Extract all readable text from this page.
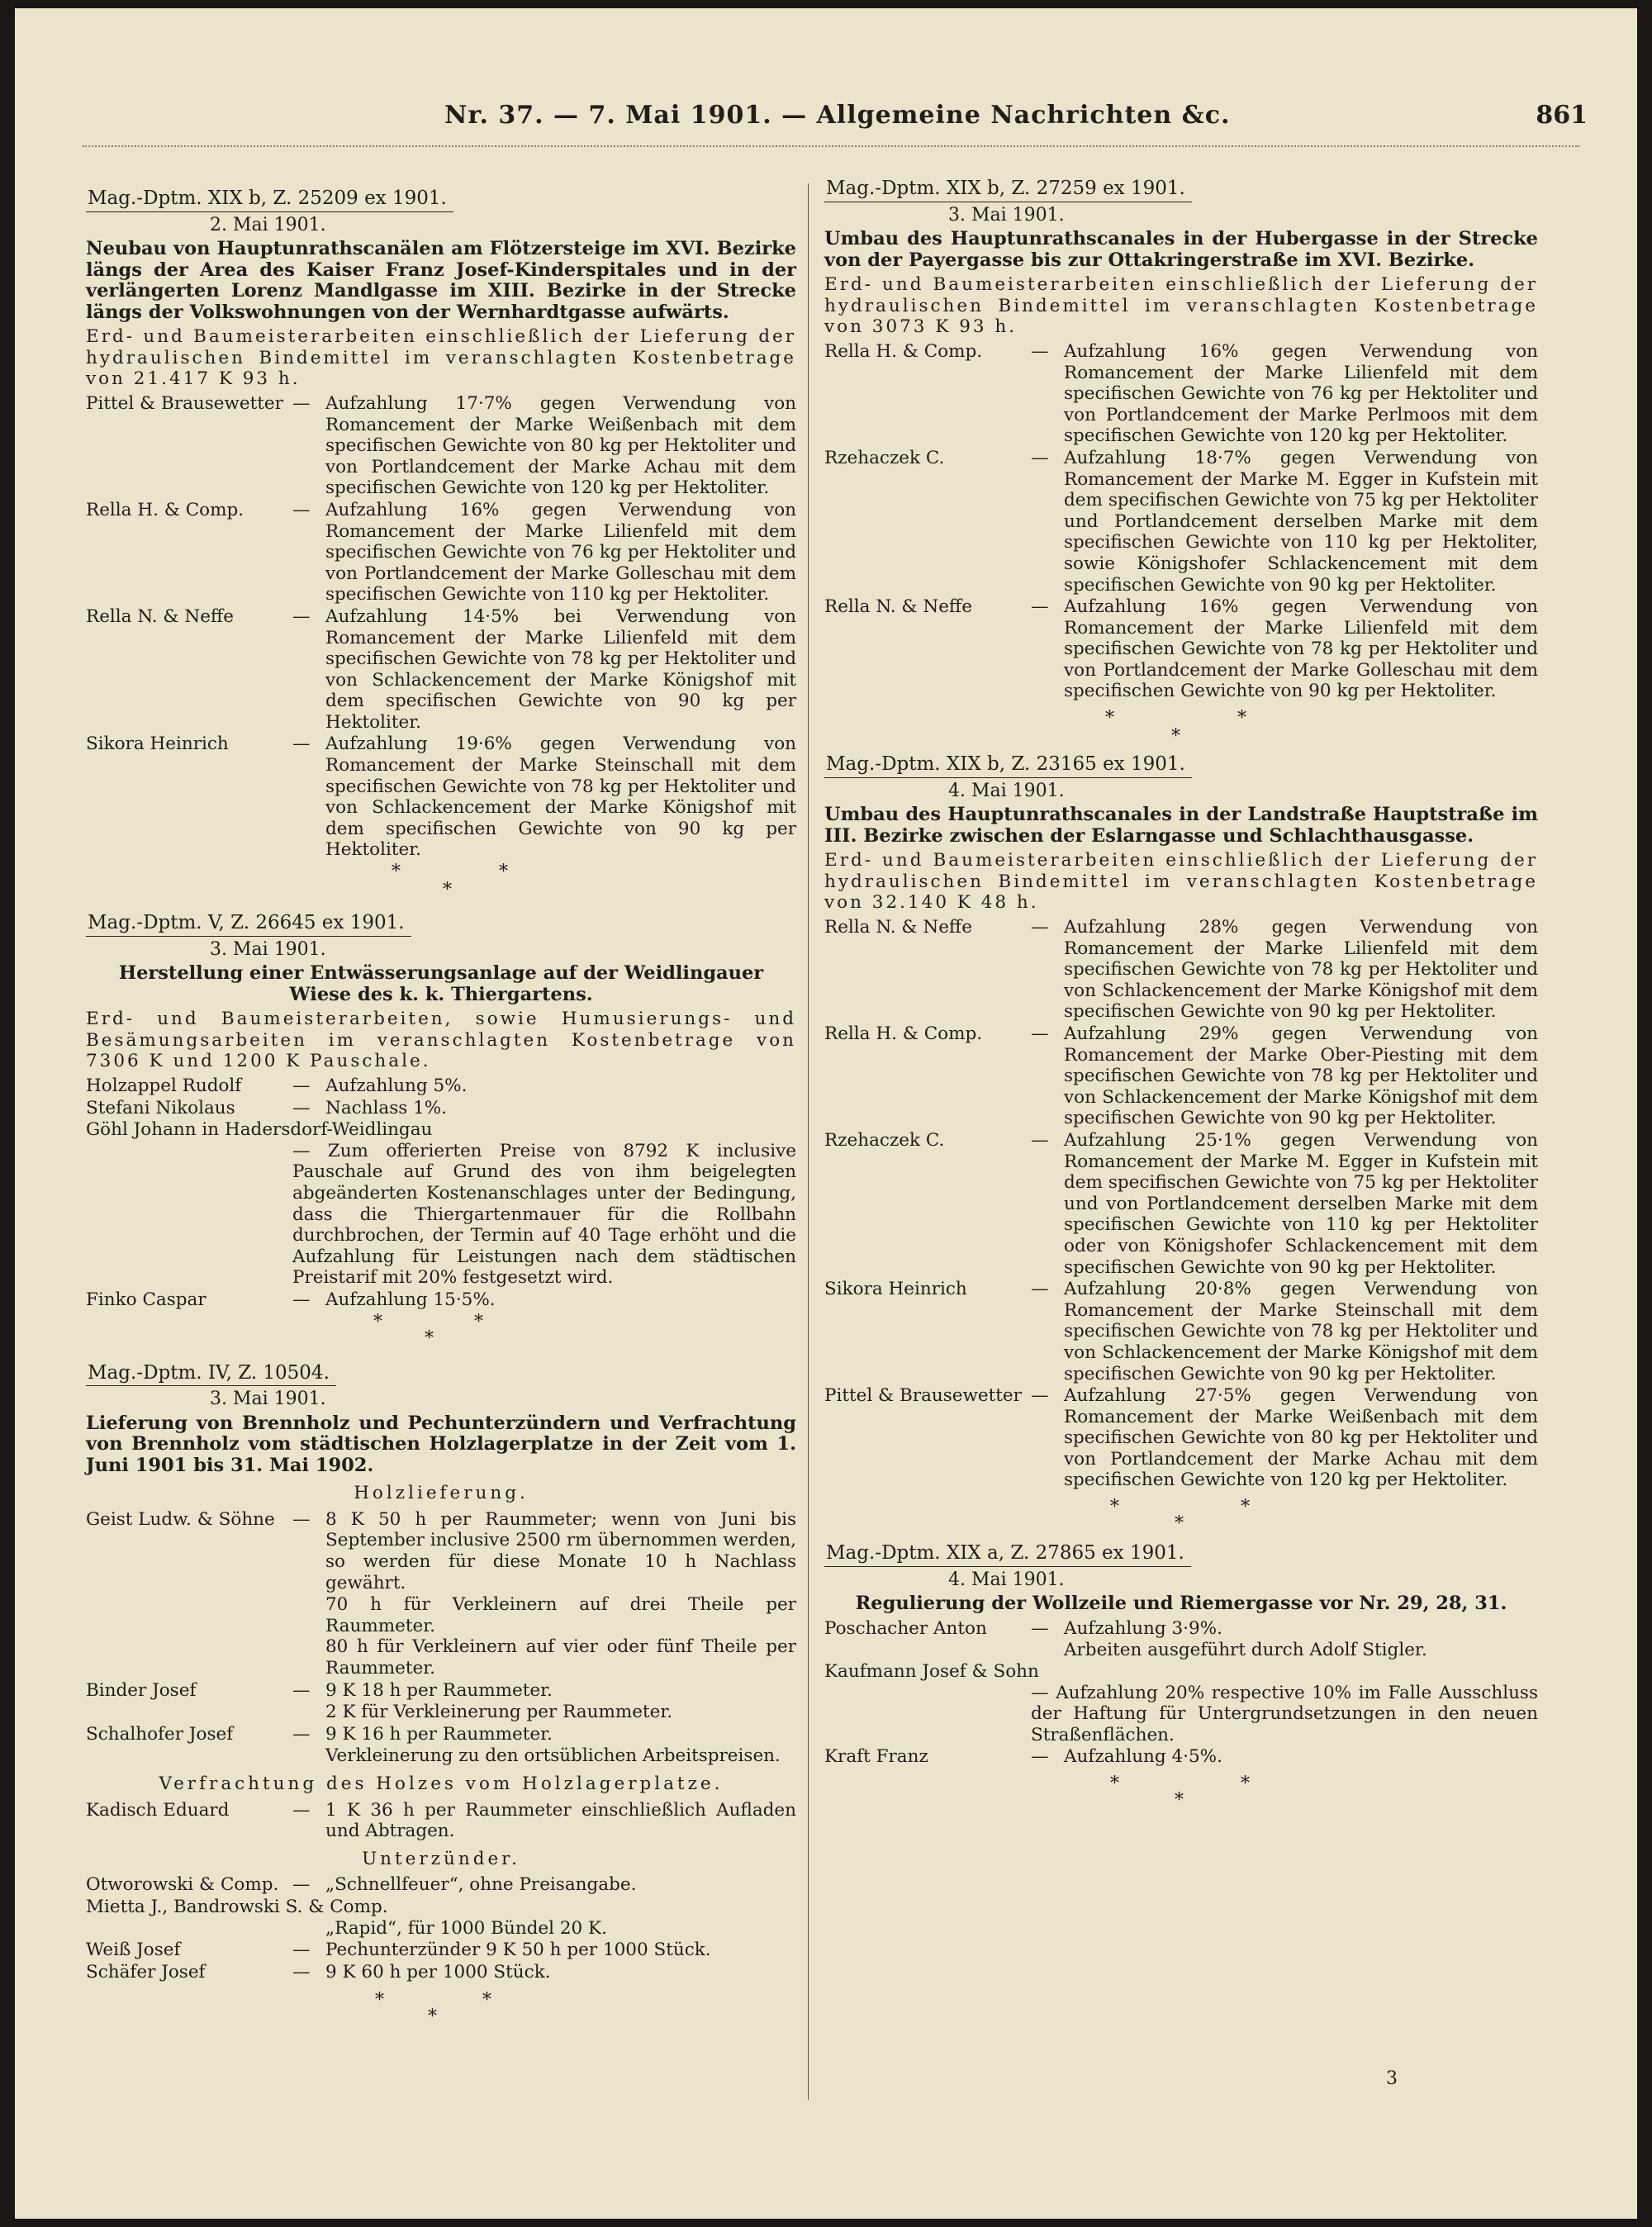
Nr. 37. — 7. Mai 1901. — Allgemeine Nachrichten &c.	861
Mag.-Dptm. XIX b, Z. 25209 ex 1901.
2. Mai 1901.
Neubau von Hauptunrathscanälen am Flötzersteige im XVI. Bezirke längs der Area des Kaiser Franz Josef-Kinderspitales und in der verlängerten Lorenz Mandlgasse im XIII. Bezirke in der Strecke längs der Volkswohnungen von der Wernhardtgasse aufwärts.
Erd- und Baumeisterarbeiten einschließlich der Lieferung der hydraulischen Bindemittel im veranschlagten Kostenbetrage von 21.417 K 93 h.
Pittel & Brausewetter — Aufzahlung 17·7% gegen Verwendung von Romancement der Marke Weißenbach mit dem specifischen Gewichte von 80 kg per Hektoliter und von Portlandcement der Marke Achau mit dem specifischen Gewichte von 120 kg per Hektoliter.
Rella H. & Comp.	— Aufzahlung 16% gegen Verwendung von Romancement der Marke Lilienfeld mit dem specifischen Gewichte von 76 kg per Hektoliter und von Portlandcement der Marke Golleschau mit dem specifischen Gewichte von 110 kg per Hektoliter.
Rella N. & Neffe	— Aufzahlung 14·5% bei Verwendung von Romancement der Marke Lilienfeld mit dem specifischen Gewichte von 78 kg per Hektoliter und von Schlackencement der Marke Königshof mit dem specifischen Gewichte von 90 kg per Hektoliter.
Sikora Heinrich	— Aufzahlung 19·6% gegen Verwendung von Romancement der Marke Steinschall mit dem specifischen Gewichte von 78 kg per Hektoliter und von Schlackencement der Marke Königshof mit dem specifischen Gewichte von 90 kg per Hektoliter.
*	*
*
Mag.-Dptm. V, Z. 26645 ex 1901.
3. Mai 1901.
Herstellung einer Entwässerungsanlage auf der Weidlingauer Wiese des k. k. Thiergartens.
Erd- und Baumeisterarbeiten, sowie Humusierungs- und Besämungsarbeiten im veranschlagten Kostenbetrage von 7306 K und 1200 K Pauschale.
Holzappel Rudolf	— Aufzahlung 5%.
Stefani Nikolaus	— Nachlass 1%.
Göhl Johann in Hadersdorf-Weidlingau
— Zum offerierten Preise von 8792 K inclusive Pauschale auf Grund des von ihm beigelegten abgeänderten Kostenanschlages unter der Bedingung, dass die Thiergartenmauer für die Rollbahn durchbrochen, der Termin auf 40 Tage erhöht und die Aufzahlung für Leistungen nach dem städtischen Preistarif mit 20% festgesetzt wird.
Finko Caspar	— Aufzahlung 15·5%.
*	*
*
Mag.-Dptm. IV, Z. 10504.
3. Mai 1901.
Lieferung von Brennholz und Pechunterzündern und Verfrachtung von Brennholz vom städtischen Holzlagerplatze in der Zeit vom 1. Juni 1901 bis 31. Mai 1902.
Holzlieferung.
Geist Ludw. & Söhne — 8 K 50 h per Raummeter; wenn von Juni bis September inclusive 2500 rm übernommen werden, so werden für diese Monate 10 h Nachlass gewährt.
70 h für Verkleinern auf drei Theile per Raummeter.
80 h für Verkleinern auf vier oder fünf Theile per Raummeter.
Binder Josef	— 9 K 18 h per Raummeter.
2 K für Verkleinerung per Raummeter.
Schalhofer Josef	— 9 K 16 h per Raummeter.
Verkleinerung zu den ortsüblichen Arbeitspreisen.
Verfrachtung des Holzes vom Holzlagerplatze.
Kadisch Eduard	— 1 K 36 h per Raummeter einschließlich Aufladen und Abtragen.
Unterzünder.
Otworowski & Comp. — „Schnellfeuer“, ohne Preisangabe.
Mietta J., Bandrowski S. & Comp.
„Rapid“, für 1000 Bündel 20 K.
Weiß Josef	— Pechunterzünder 9 K 50 h per 1000 Stück.
Schäfer Josef	— 9 K 60 h per 1000 Stück.
*	*
*
Mag.-Dptm. XIX b, Z. 27259 ex 1901.
3. Mai 1901.
Umbau des Hauptunrathscanales in der Hubergasse in der Strecke von der Payergasse bis zur Ottakringerstraße im XVI. Bezirke.
Erd- und Baumeisterarbeiten einschließlich der Lieferung der hydraulischen Bindemittel im veranschlagten Kostenbetrage von 3073 K 93 h.
Rella H. & Comp.	— Aufzahlung 16% gegen Verwendung von Romancement der Marke Lilienfeld mit dem specifischen Gewichte von 76 kg per Hektoliter und von Portlandcement der Marke Perlmoos mit dem specifischen Gewichte von 120 kg per Hektoliter.
Rzehaczek C.	— Aufzahlung 18·7% gegen Verwendung von Romancement der Marke M. Egger in Kufstein mit dem specifischen Gewichte von 75 kg per Hektoliter und Portlandcement derselben Marke mit dem specifischen Gewichte von 110 kg per Hektoliter, sowie Königshofer Schlackencement mit dem specifischen Gewichte von 90 kg per Hektoliter.
Rella N. & Neffe	— Aufzahlung 16% gegen Verwendung von Romancement der Marke Lilienfeld mit dem specifischen Gewichte von 78 kg per Hektoliter und von Portlandcement der Marke Golleschau mit dem specifischen Gewichte von 90 kg per Hektoliter.
*	*
*
Mag.-Dptm. XIX b, Z. 23165 ex 1901.
4. Mai 1901.
Umbau des Hauptunrathscanales in der Landstraße Hauptstraße im III. Bezirke zwischen der Eslarngasse und Schlachthausgasse.
Erd- und Baumeisterarbeiten einschließlich der Lieferung der hydraulischen Bindemittel im veranschlagten Kostenbetrage von 32.140 K 48 h.
Rella N. & Neffe	— Aufzahlung 28% gegen Verwendung von Romancement der Marke Lilienfeld mit dem specifischen Gewichte von 78 kg per Hektoliter und von Schlackencement der Marke Königshof mit dem specifischen Gewichte von 90 kg per Hektoliter.
Rella H. & Comp.	— Aufzahlung 29% gegen Verwendung von Romancement der Marke Ober-Piesting mit dem specifischen Gewichte von 78 kg per Hektoliter und von Schlackencement der Marke Königshof mit dem specifischen Gewichte von 90 kg per Hektoliter.
Rzehaczek C.	— Aufzahlung 25·1% gegen Verwendung von Romancement der Marke M. Egger in Kufstein mit dem specifischen Gewichte von 75 kg per Hektoliter und von Portlandcement derselben Marke mit dem specifischen Gewichte von 110 kg per Hektoliter oder von Königshofer Schlackencement mit dem specifischen Gewichte von 90 kg per Hektoliter.
Sikora Heinrich	— Aufzahlung 20·8% gegen Verwendung von Romancement der Marke Steinschall mit dem specifischen Gewichte von 78 kg per Hektoliter und von Schlackencement der Marke Königshof mit dem specifischen Gewichte von 90 kg per Hektoliter.
Pittel & Brausewetter — Aufzahlung 27·5% gegen Verwendung von Romancement der Marke Weißenbach mit dem specifischen Gewichte von 80 kg per Hektoliter und von Portlandcement der Marke Achau mit dem specifischen Gewichte von 120 kg per Hektoliter.
*	*
*
Mag.-Dptm. XIX a, Z. 27865 ex 1901.
4. Mai 1901.
Regulierung der Wollzeile und Riemergasse vor Nr. 29, 28, 31.
Poschacher Anton	— Aufzahlung 3·9%.
Arbeiten ausgeführt durch Adolf Stigler.
Kaufmann Josef & Sohn
— Aufzahlung 20% respective 10% im Falle Ausschluss der Haftung für Untergrundsetzungen in den neuen Straßenflächen.
Kraft Franz	— Aufzahlung 4·5%.
*	*
*
3
